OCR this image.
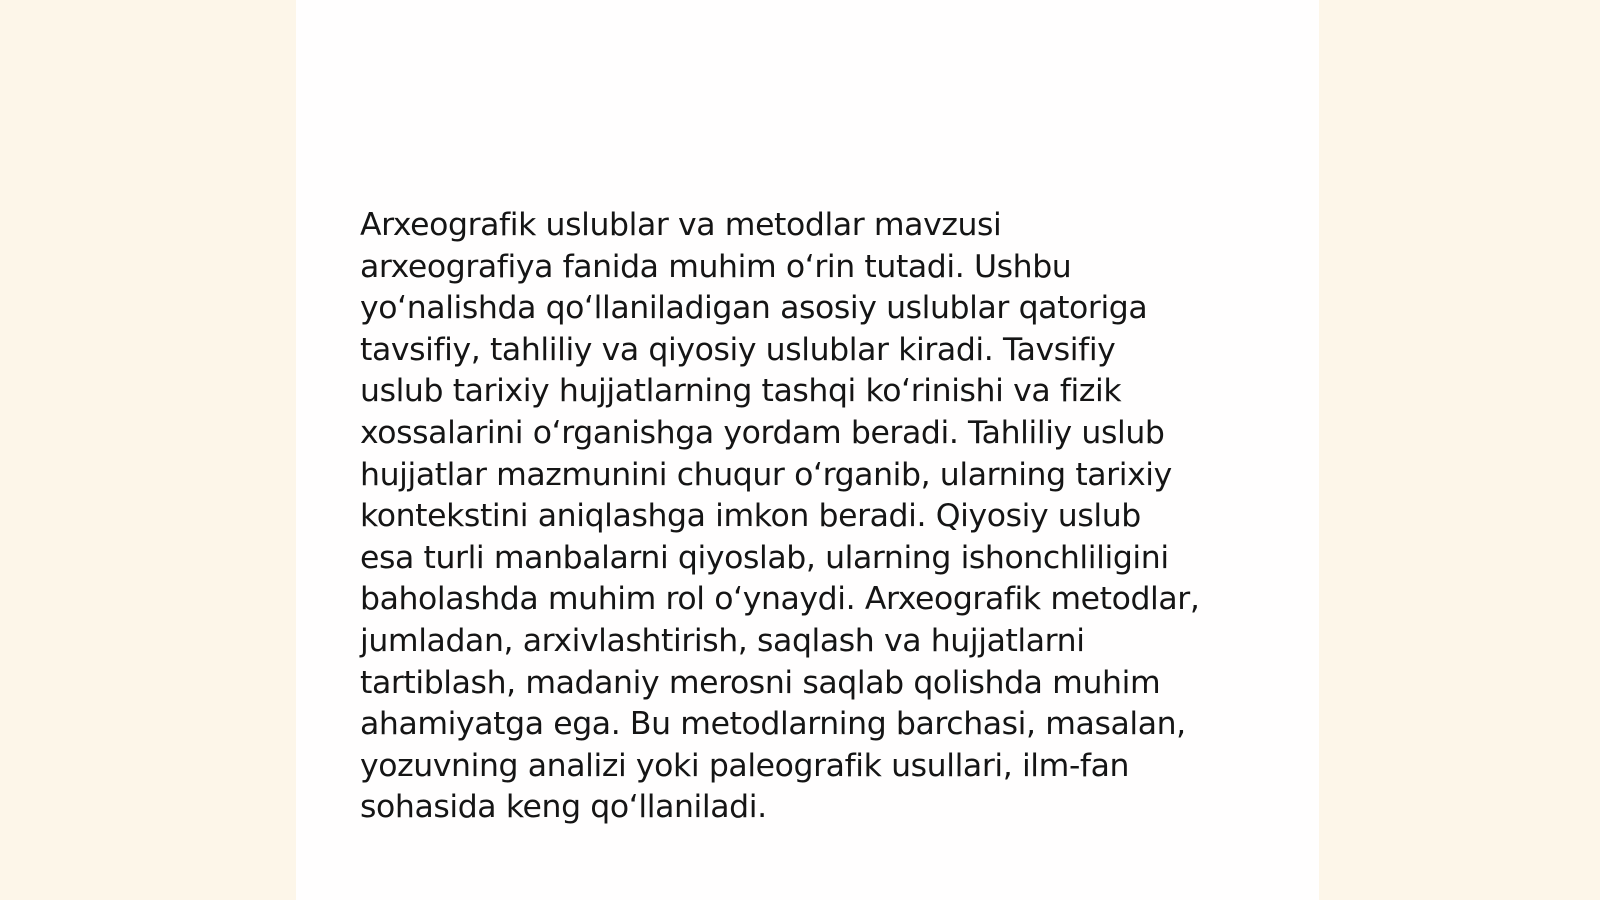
Arxeografik uslublar va metodlar mavzusi
arxeografiya fanida muhim oʻrin tutadi. Ushbu
yoʻnalishda qoʻllaniladigan asosiy uslublar qatoriga
tavsifiy, tahliliy va qiyosiy uslublar kiradi. Tavsifiy
uslub tarixiy hujjatlarning tashqi koʻrinishi va fizik
xossalarini oʻrganishga yordam beradi. Tahliliy uslub
hujjatlar mazmunini chuqur oʻrganib, ularning tarixiy
kontekstini aniqlashga imkon beradi. Qiyosiy uslub
esa turli manbalarni qiyoslab, ularning ishonchliligini
baholashda muhim rol oʻynaydi. Arxeografik metodlar,
jumladan, arxivlashtirish, saqlash va hujjatlarni
tartiblash, madaniy merosni saqlab qolishda muhim
ahamiyatga ega. Bu metodlarning barchasi, masalan,
yozuvning analizi yoki paleografik usullari, ilm-fan
sohasida keng qoʻllaniladi.
